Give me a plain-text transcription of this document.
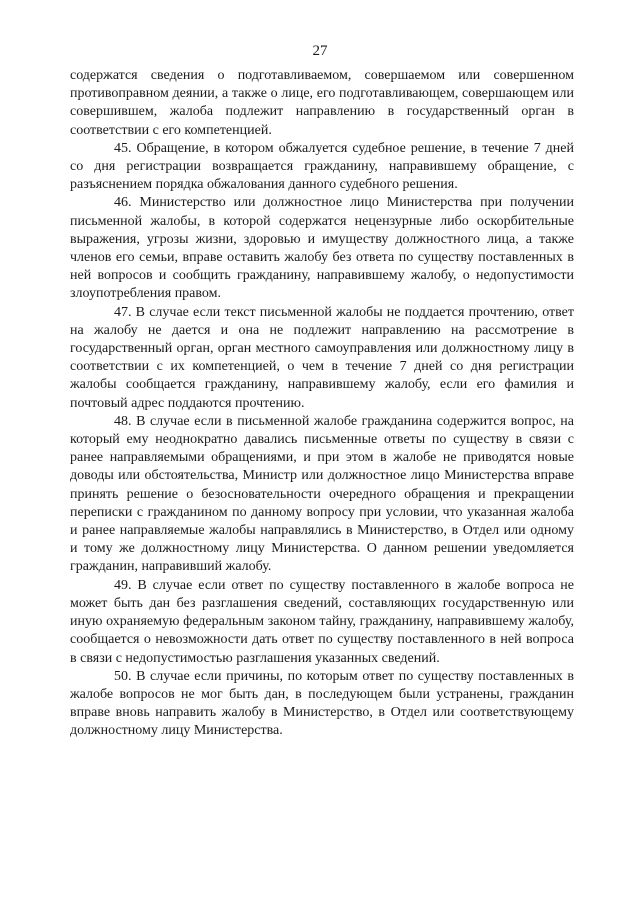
27

содержатся сведения о подготавливаемом, совершаемом или совершенном противоправном деянии, а также о лице, его подготавливающем, совершающем или совершившем, жалоба подлежит направлению в государственный орган в соответствии с его компетенцией.

45. Обращение, в котором обжалуется судебное решение, в течение 7 дней со дня регистрации возвращается гражданину, направившему обращение, с разъяснением порядка обжалования данного судебного решения.

46. Министерство или должностное лицо Министерства при получении письменной жалобы, в которой содержатся нецензурные либо оскорбительные выражения, угрозы жизни, здоровью и имуществу должностного лица, а также членов его семьи, вправе оставить жалобу без ответа по существу поставленных в ней вопросов и сообщить гражданину, направившему жалобу, о недопустимости злоупотребления правом.

47. В случае если текст письменной жалобы не поддается прочтению, ответ на жалобу не дается и она не подлежит направлению на рассмотрение в государственный орган, орган местного самоуправления или должностному лицу в соответствии с их компетенцией, о чем в течение 7 дней со дня регистрации жалобы сообщается гражданину, направившему жалобу, если его фамилия и почтовый адрес поддаются прочтению.

48. В случае если в письменной жалобе гражданина содержится вопрос, на который ему неоднократно давались письменные ответы по существу в связи с ранее направляемыми обращениями, и при этом в жалобе не приводятся новые доводы или обстоятельства, Министр или должностное лицо Министерства вправе принять решение о безосновательности очередного обращения и прекращении переписки с гражданином по данному вопросу при условии, что указанная жалоба и ранее направляемые жалобы направлялись в Министерство, в Отдел или одному и тому же должностному лицу Министерства. О данном решении уведомляется гражданин, направивший жалобу.

49. В случае если ответ по существу поставленного в жалобе вопроса не может быть дан без разглашения сведений, составляющих государственную или иную охраняемую федеральным законом тайну, гражданину, направившему жалобу, сообщается о невозможности дать ответ по существу поставленного в ней вопроса в связи с недопустимостью разглашения указанных сведений.

50. В случае если причины, по которым ответ по существу поставленных в жалобе вопросов не мог быть дан, в последующем были устранены, гражданин вправе вновь направить жалобу в Министерство, в Отдел или соответствующему должностному лицу Министерства.
